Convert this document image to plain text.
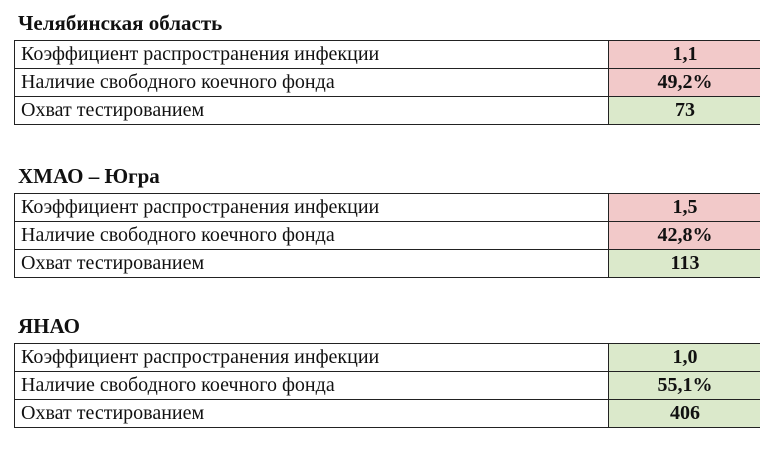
Челябинская область
Коэффициент распространения инфекции	1,1
Наличие свободного коечного фонда	49,2%
Охват тестированием	73
ХМАО – Югра
Коэффициент распространения инфекции	1,5
Наличие свободного коечного фонда	42,8%
Охват тестированием	113
ЯНАО
Коэффициент распространения инфекции	1,0
Наличие свободного коечного фонда	55,1%
Охват тестированием	406
